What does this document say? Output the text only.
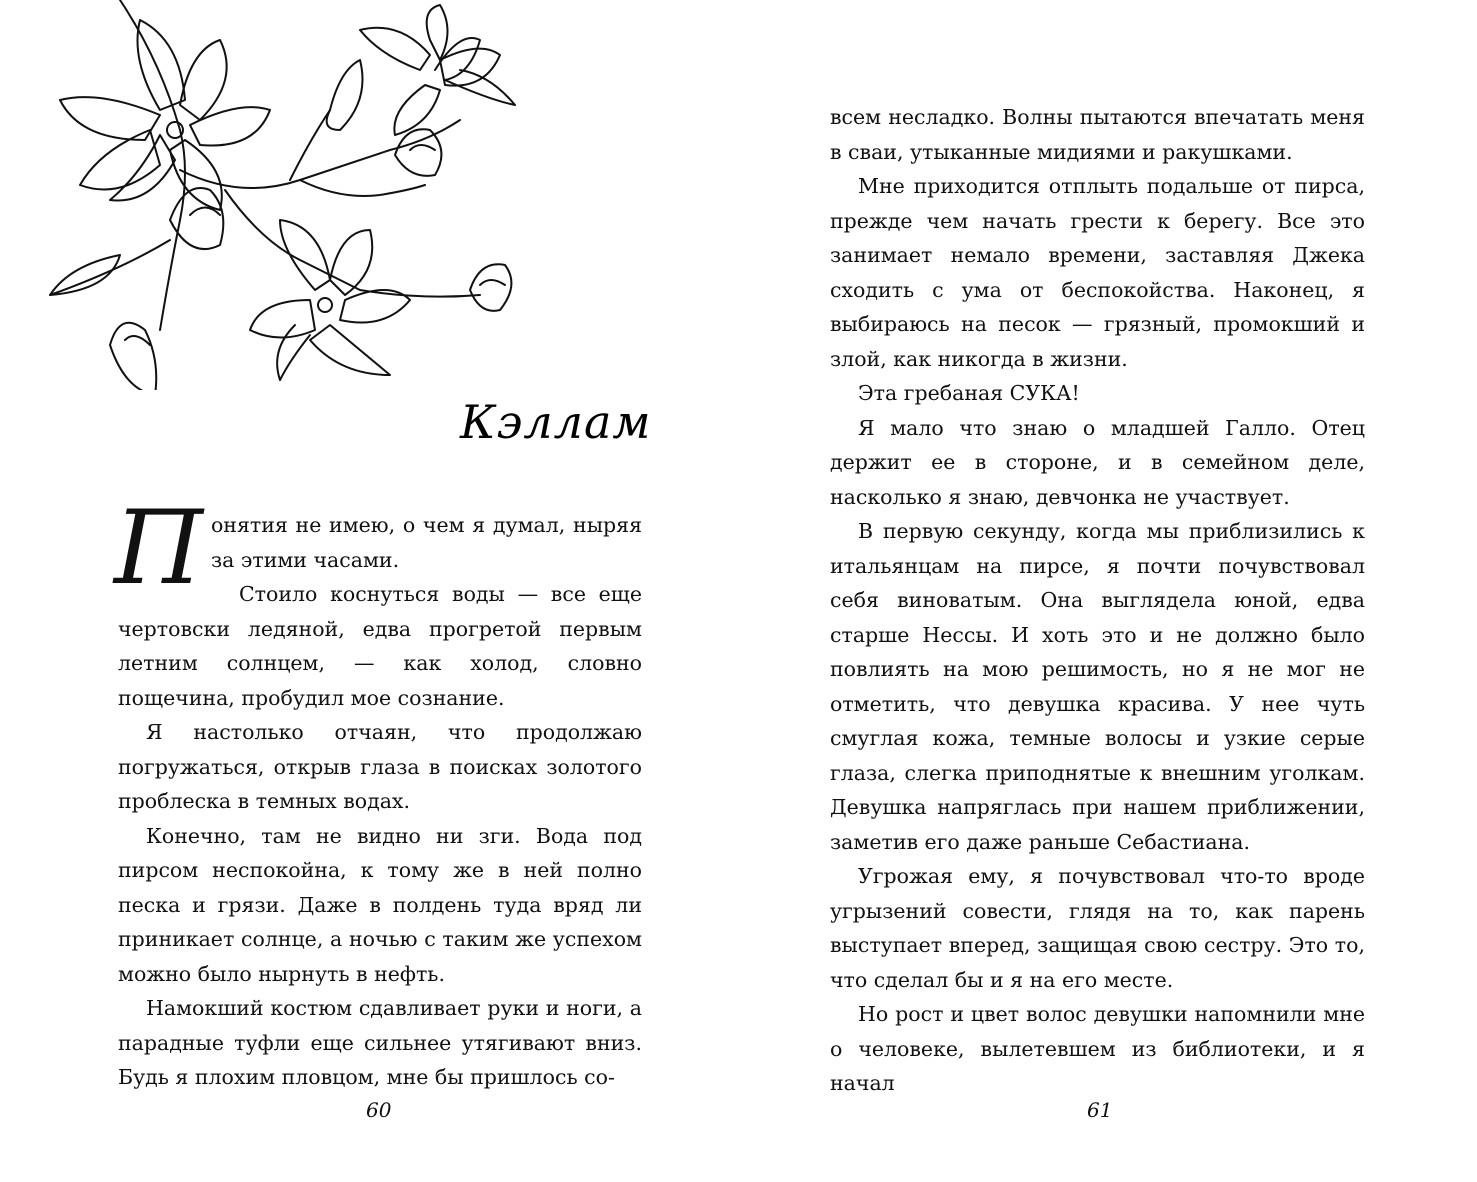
Кэллам

Понятия не имею, о чем я думал, ныряя за этими часами.

Стоило коснуться воды — все еще чертовски ледяной, едва прогретой первым летним солнцем, — как холод, словно пощечина, пробудил мое сознание.

Я настолько отчаян, что продолжаю погружаться, открыв глаза в поисках золотого проблеска в темных водах.

Конечно, там не видно ни зги. Вода под пирсом неспокойна, к тому же в ней полно песка и грязи. Даже в полдень туда вряд ли приникает солнце, а ночью с таким же успехом можно было нырнуть в нефть.

Намокший костюм сдавливает руки и ноги, а парадные туфли еще сильнее утягивают вниз. Будь я плохим пловцом, мне бы пришлось со-

60

всем несладко. Волны пытаются впечатать меня в сваи, утыканные мидиями и ракушками.

Мне приходится отплыть подальше от пирса, прежде чем начать грести к берегу. Все это занимает немало времени, заставляя Джека сходить с ума от беспокойства. Наконец, я выбираюсь на песок — грязный, промокший и злой, как никогда в жизни.

Эта гребаная СУКА!

Я мало что знаю о младшей Галло. Отец держит ее в стороне, и в семейном деле, насколько я знаю, девчонка не участвует.

В первую секунду, когда мы приблизились к итальянцам на пирсе, я почти почувствовал себя виноватым. Она выглядела юной, едва старше Нессы. И хоть это и не должно было повлиять на мою решимость, но я не мог не отметить, что девушка красива. У нее чуть смуглая кожа, темные волосы и узкие серые глаза, слегка приподнятые к внешним уголкам. Девушка напряглась при нашем приближении, заметив его даже раньше Себастиана.

Угрожая ему, я почувствовал что-то вроде угрызений совести, глядя на то, как парень выступает вперед, защищая свою сестру. Это то, что сделал бы и я на его месте.

Но рост и цвет волос девушки напомнили мне о человеке, вылетевшем из библиотеки, и я начал

61
